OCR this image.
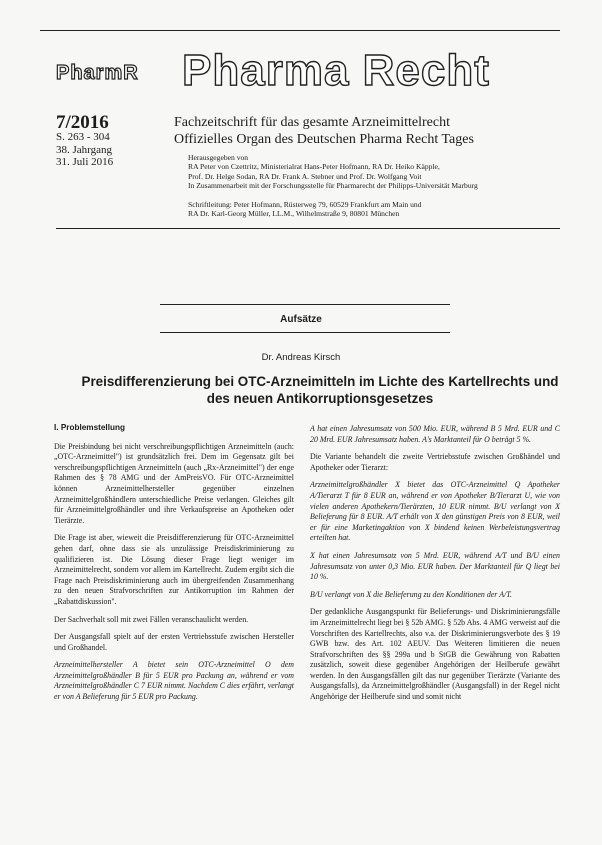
PharmR Pharma Recht
7/2016
S. 263 - 304
38. Jahrgang
31. Juli 2016
Fachzeitschrift für das gesamte Arzneimittelrecht
Offizielles Organ des Deutschen Pharma Recht Tages
Herausgegeben von
RA Peter von Czettritz, Ministerialrat Hans-Peter Hofmann, RA Dr. Heiko Käpple,
Prof. Dr. Helge Sodan, RA Dr. Frank A. Stebner und Prof. Dr. Wolfgang Voit
In Zusammenarbeit mit der Forschungsstelle für Pharmarecht der Philipps-Universität Marburg
Schriftleitung: Peter Hofmann, Rüsterweg 79, 60529 Frankfurt am Main und
RA Dr. Karl-Georg Müller, LL.M., Wilhelmstraße 9, 80801 München
Aufsätze
Dr. Andreas Kirsch
Preisdifferenzierung bei OTC-Arzneimitteln im Lichte des Kartellrechts und
des neuen Antikorruptionsgesetzes

I. Problemstellung

Die Preisbindung bei nicht verschreibungspflichtigen Arzneimitteln (auch: „OTC-Arzneimittel") ist grundsätzlich frei. Dem im Gegensatz gilt bei verschreibungspflichtigen Arzneimitteln (auch „Rx-Arzneimittel") der enge Rahmen des § 78 AMG und der AmPreisVO. Für OTC-Arzneimittel können Arzneimittelhersteller gegenüber einzelnen Arzneimittelgroßhändlern unterschiedliche Preise verlangen. Gleiches gilt für Arzneimittelgroßhändler und ihre Verkaufspreise an Apotheken oder Tierärzte.

Die Frage ist aber, wieweit die Preisdifferenzierung für OTC-Arzneimittel gehen darf, ohne dass sie als unzulässige Preisdiskriminierung zu qualifizieren ist. Die Lösung dieser Frage liegt weniger im Arzneimittelrecht, sondern vor allem im Kartellrecht. Zudem ergibt sich die Frage nach Preisdiskriminierung auch im übergreifenden Zusammenhang zu den neuen Strafvorschriften zur Antikorruption im Rahmen der „Rabattdiskussion".

Der Sachverhalt soll mit zwei Fällen veranschaulicht werden.

Der Ausgangsfall spielt auf der ersten Vertriebsstufe zwischen Hersteller und Großhandel.

Arzneimittelhersteller A bietet sein OTC-Arzneimittel O dem Arzneimittelgroßhändler B für 5 EUR pro Packung an, während er vom Arzneimittelgroßhändler C 7 EUR nimmt. Nachdem C dies erfährt, verlangt er von A Belieferung für 5 EUR pro Packung.

A hat einen Jahresumsatz von 500 Mio. EUR, während B 5 Mrd. EUR und C 20 Mrd. EUR Jahresumsatz haben. A's Marktanteil für O beträgt 5 %.

Die Variante behandelt die zweite Vertriebsstufe zwischen Großhändel und Apotheker oder Tierarzt:

Arzneimittelgroßhändler X bietet das OTC-Arzneimittel Q Apotheker A/Tierarzt T für 8 EUR an, während er von Apotheker B/Tierarzt U, wie von vielen anderen Apothekern/Tierärzten, 10 EUR nimmt. B/U verlangt von X Belieferung für 8 EUR. A/T erhält von X den günstigen Preis von 8 EUR, weil er für eine Marketingaktion von X bindend keinen Werbeleistungsvertrag erteilten hat.

X hat einen Jahresumsatz von 5 Mrd. EUR, während A/T und B/U einen Jahresumsatz von unter 0,3 Mio. EUR haben. Der Marktanteil für Q liegt bei 10 %.

B/U verlangt von X die Belieferung zu den Konditionen der A/T.

Der gedankliche Ausgangspunkt für Belieferungs- und Diskriminierungsfälle im Arzneimittelrecht liegt bei § 52b AMG. § 52b Abs. 4 AMG verweist auf die Vorschriften des Kartellrechts, also v.a. der Diskriminierungsverbote des § 19 GWB bzw. des Art. 102 AEUV. Das Weiteren limitieren die neuen Strafvorschriften des §§ 299a und b StGB die Gewährung von Rabatten zusätzlich, soweit diese gegenüber Angehörigen der Heilberufe gewährt werden. In den Ausgangsfällen gilt das nur gegenüber Tierärzte (Variante des Ausgangsfalls), da Arzneimittelgroßhändler (Ausgangsfall) in der Regel nicht Angehörige der Heilberufe sind und somit nicht
